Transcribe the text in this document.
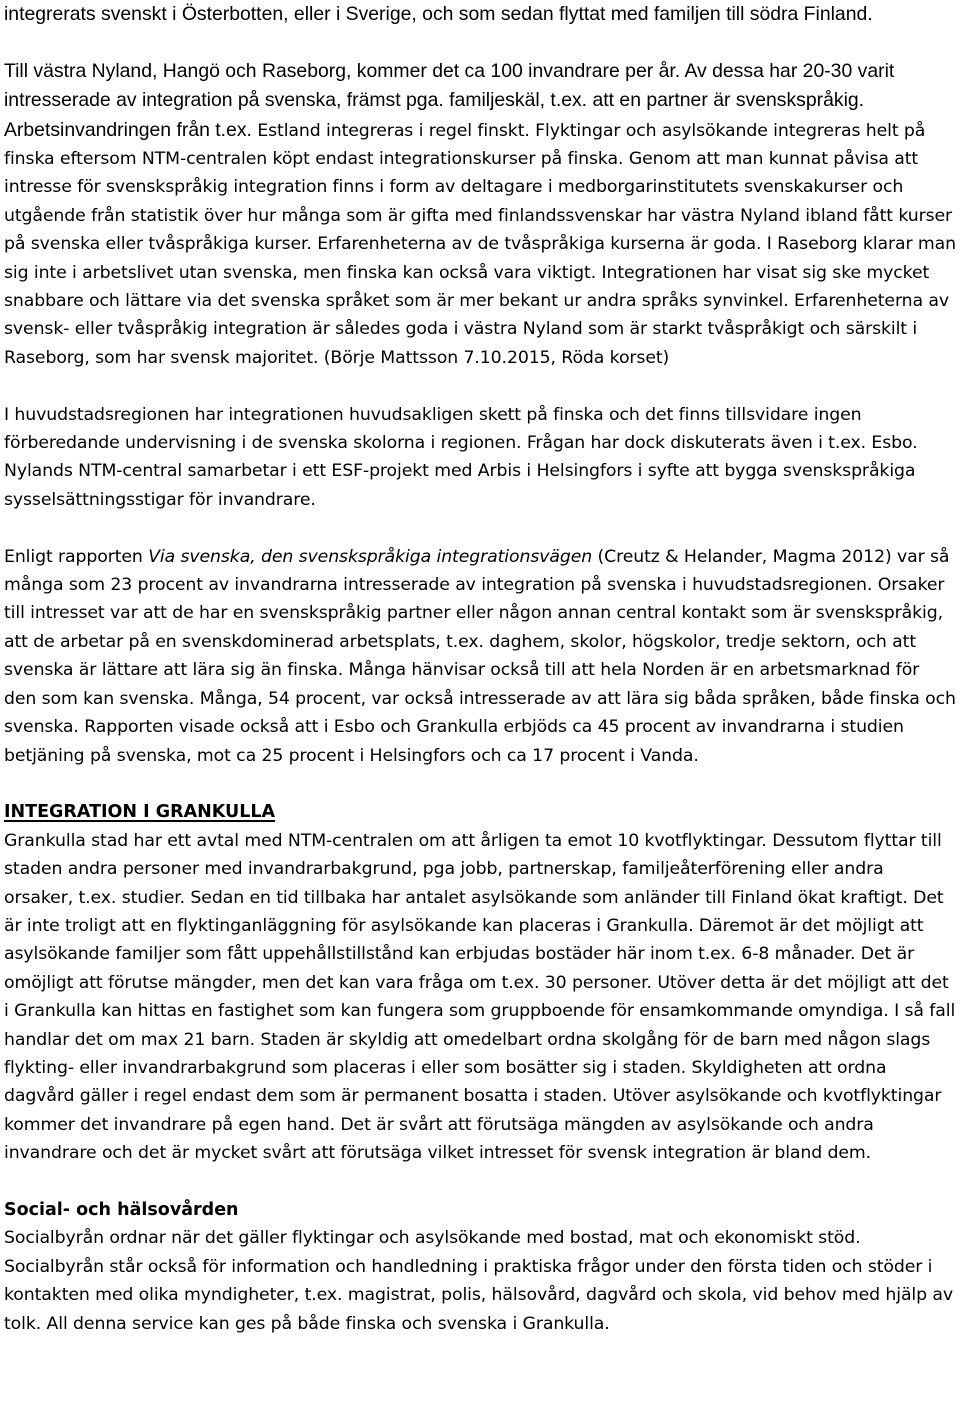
integrerats svenskt i Österbotten, eller i Sverige, och som sedan flyttat med familjen till södra Finland.

Till västra Nyland, Hangö och Raseborg, kommer det ca 100 invandrare per år. Av dessa har 20-30 varit intresserade av integration på svenska, främst pga. familjeskäl, t.ex. att en partner är svenskspråkig. Arbetsinvandringen från t.ex. Estland integreras i regel finskt. Flyktingar och asylsökande integreras helt på finska eftersom NTM-centralen köpt endast integrationskurser på finska. Genom att man kunnat påvisa att intresse för svenskspråkig integration finns i form av deltagare i medborgarinstitutets svenskakurser och utgående från statistik över hur många som är gifta med finlandssvenskar har västra Nyland ibland fått kurser på svenska eller tvåspråkiga kurser. Erfarenheterna av de tvåspråkiga kurserna är goda. I Raseborg klarar man sig inte i arbetslivet utan svenska, men finska kan också vara viktigt. Integrationen har visat sig ske mycket snabbare och lättare via det svenska språket som är mer bekant ur andra språks synvinkel. Erfarenheterna av svensk- eller tvåspråkig integration är således goda i västra Nyland som är starkt tvåspråkigt och särskilt i Raseborg, som har svensk majoritet. (Börje Mattsson 7.10.2015, Röda korset)

I huvudstadsregionen har integrationen huvudsakligen skett på finska och det finns tillsvidare ingen förberedande undervisning i de svenska skolorna i regionen. Frågan har dock diskuterats även i t.ex. Esbo. Nylands NTM-central samarbetar i ett ESF-projekt med Arbis i Helsingfors i syfte att bygga svenskspråkiga sysselsättningsstigar för invandrare.

Enligt rapporten Via svenska, den svenskspråkiga integrationsvägen (Creutz & Helander, Magma 2012) var så många som 23 procent av invandrarna intresserade av integration på svenska i huvudstadsregionen. Orsaker till intresset var att de har en svenskspråkig partner eller någon annan central kontakt som är svenskspråkig, att de arbetar på en svenskdominerad arbetsplats, t.ex. daghem, skolor, högskolor, tredje sektorn, och att svenska är lättare att lära sig än finska. Många hänvisar också till att hela Norden är en arbetsmarknad för den som kan svenska. Många, 54 procent, var också intresserade av att lära sig båda språken, både finska och svenska. Rapporten visade också att i Esbo och Grankulla erbjöds ca 45 procent av invandrarna i studien betjäning på svenska, mot ca 25 procent i Helsingfors och ca 17 procent i Vanda.

INTEGRATION I GRANKULLA

Grankulla stad har ett avtal med NTM-centralen om att årligen ta emot 10 kvotflyktingar. Dessutom flyttar till staden andra personer med invandrarbakgrund, pga jobb, partnerskap, familjeåterförening eller andra orsaker, t.ex. studier. Sedan en tid tillbaka har antalet asylsökande som anländer till Finland ökat kraftigt. Det är inte troligt att en flyktinganläggning för asylsökande kan placeras i Grankulla. Däremot är det möjligt att asylsökande familjer som fått uppehållstillstånd kan erbjudas bostäder här inom t.ex. 6-8 månader. Det är omöjligt att förutse mängder, men det kan vara fråga om t.ex. 30 personer. Utöver detta är det möjligt att det i Grankulla kan hittas en fastighet som kan fungera som gruppboende för ensamkommande omyndiga. I så fall handlar det om max 21 barn. Staden är skyldig att omedelbart ordna skolgång för de barn med någon slags flykting- eller invandrarbakgrund som placeras i eller som bosätter sig i staden. Skyldigheten att ordna dagvård gäller i regel endast dem som är permanent bosatta i staden. Utöver asylsökande och kvotflyktingar kommer det invandrare på egen hand. Det är svårt att förutsäga mängden av asylsökande och andra invandrare och det är mycket svårt att förutsäga vilket intresset för svensk integration är bland dem.

Social- och hälsovården

Socialbyrån ordnar när det gäller flyktingar och asylsökande med bostad, mat och ekonomiskt stöd. Socialbyrån står också för information och handledning i praktiska frågor under den första tiden och stöder i kontakten med olika myndigheter, t.ex. magistrat, polis, hälsovård, dagvård och skola, vid behov med hjälp av tolk. All denna service kan ges på både finska och svenska i Grankulla.
